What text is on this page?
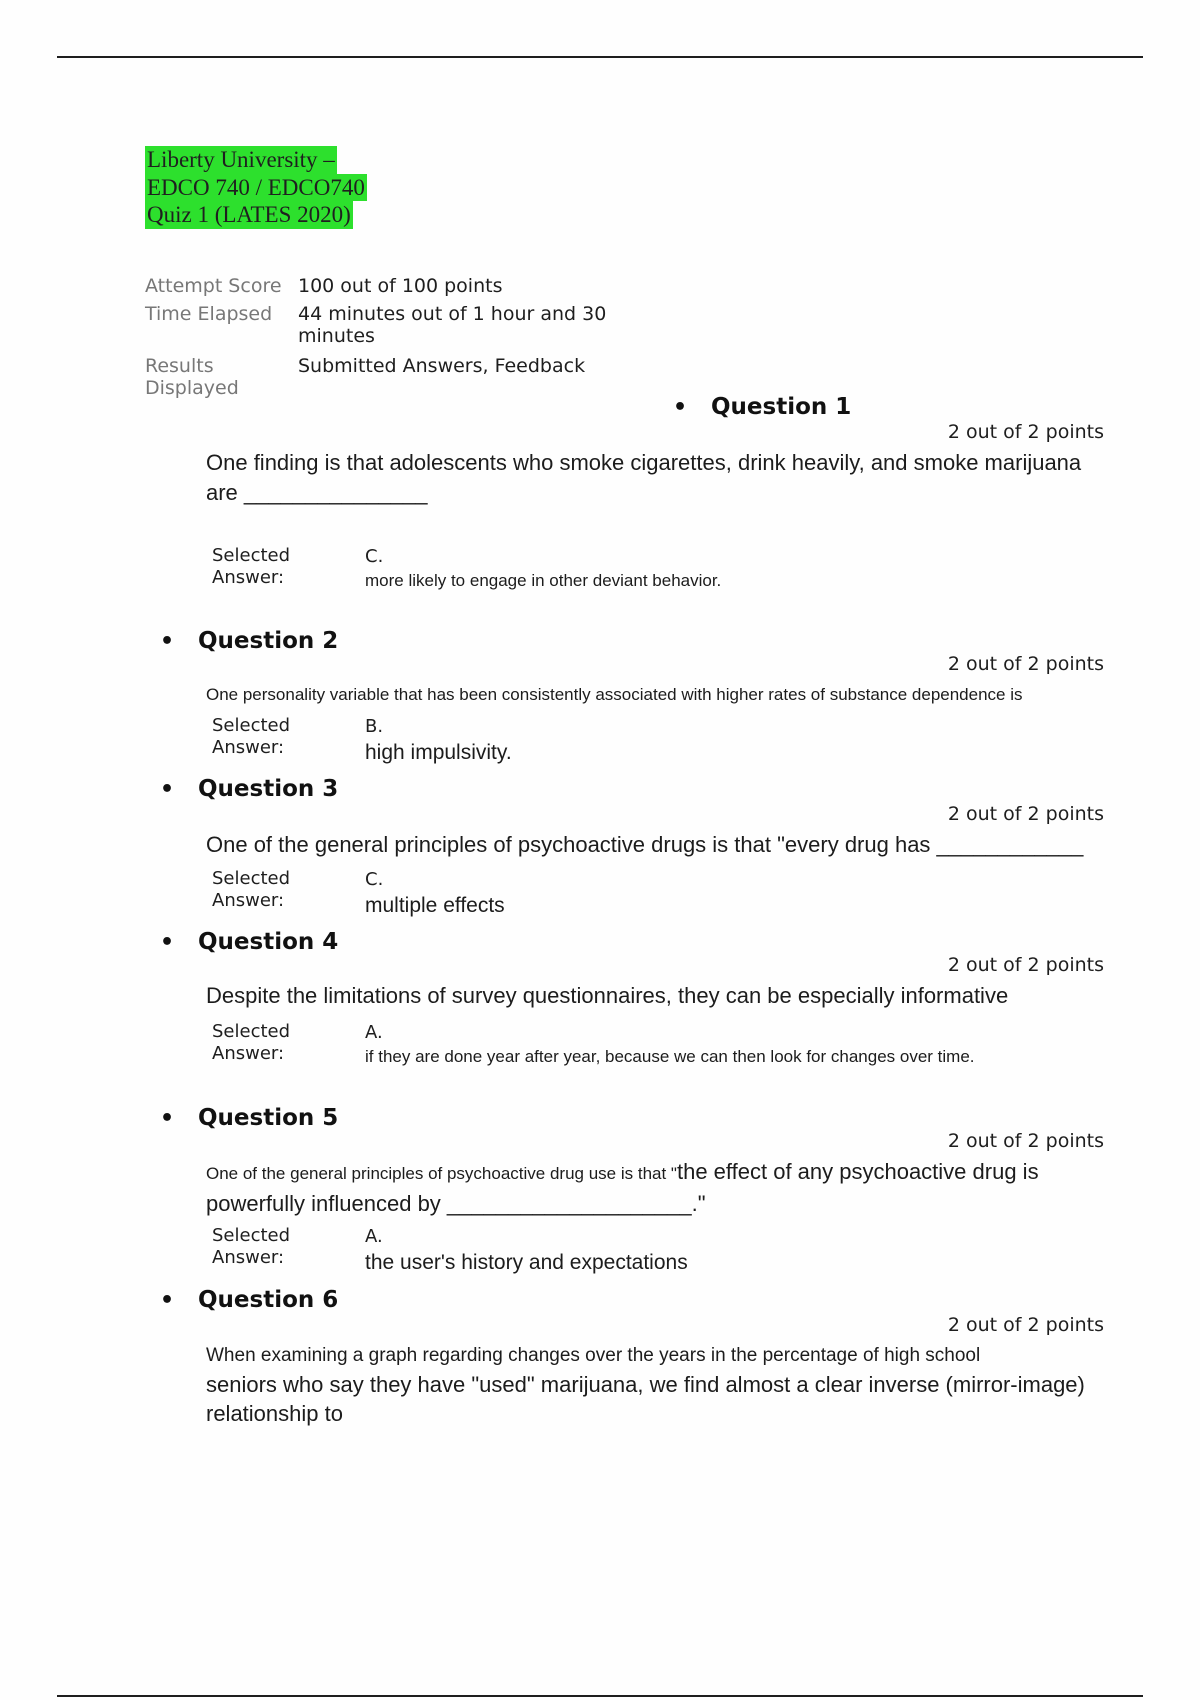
Liberty University –
EDCO 740 / EDCO740
Quiz 1 (LATES 2020)
Attempt Score 100 out of 100 points
Time Elapsed	44 minutes out of 1 hour and 30
minutes
Results
Displayed
Submitted Answers, Feedback
• Question 1
2 out of 2 points
One finding is that adolescents who smoke cigarettes, drink heavily, and smoke marijuana
are _______________
Selected
Answer:
C.
more likely to engage in other deviant behavior.
• Question 2
2 out of 2 points
One personality variable that has been consistently associated with higher rates of substance dependence is
Selected
Answer:
B.
high impulsivity.
• Question 3
2 out of 2 points
One of the general principles of psychoactive drugs is that "every drug has ____________
Selected
Answer:
C.
multiple effects
• Question 4
2 out of 2 points
Despite the limitations of survey questionnaires, they can be especially informative
Selected
Answer:
A.
if they are done year after year, because we can then look for changes over time.
• Question 5
2 out of 2 points
One of the general principles of psychoactive drug use is that "the effect of any psychoactive drug is
powerfully influenced by ____________________."
Selected
Answer:
A.
the user's history and expectations
• Question 6
2 out of 2 points
When examining a graph regarding changes over the years in the percentage of high school
seniors who say they have "used" marijuana, we find almost a clear inverse (mirror-image)
relationship to
